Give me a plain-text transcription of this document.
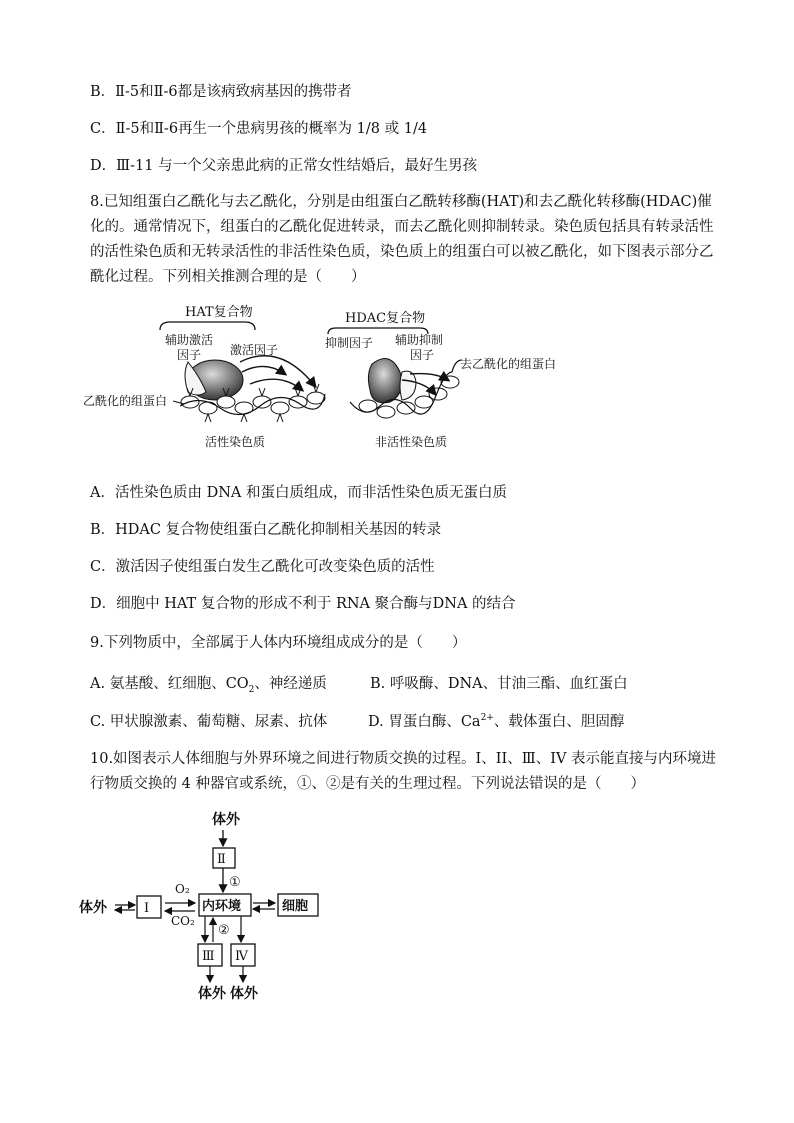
B．Ⅱ-5和Ⅱ-6都是该病致病基因的携带者
C．Ⅱ-5和Ⅱ-6再生一个患病男孩的概率为 1/8 或 1/4
D．Ⅲ-11 与一个父亲患此病的正常女性结婚后，最好生男孩
8.已知组蛋白乙酰化与去乙酰化，分别是由组蛋白乙酰转移酶(HAT)和去乙酰化转移酶(HDAC)催化的。通常情况下，组蛋白的乙酰化促进转录，而去乙酰化则抑制转录。染色质包括具有转录活性的活性染色质和无转录活性的非活性染色质，染色质上的组蛋白可以被乙酰化，如下图表示部分乙酰化过程。下列相关推测合理的是（　　）
HAT复合物
辅助激活
因子 激活因子
乙酰化的组蛋白
活性染色质
HDAC复合物
抑制因子 辅助抑制
因子
去乙酰化的组蛋白
非活性染色质
A．活性染色质由 DNA 和蛋白质组成，而非活性染色质无蛋白质
B．HDAC 复合物使组蛋白乙酰化抑制相关基因的转录
C．激活因子使组蛋白发生乙酰化可改变染色质的活性
D．细胞中 HAT 复合物的形成不利于 RNA 聚合酶与DNA 的结合
9.下列物质中，全部属于人体内环境组成成分的是（　　）
A. 氨基酸、红细胞、$CO_2$、神经递质	B. 呼吸酶、DNA、甘油三酯、血红蛋白
C. 甲状腺激素、葡萄糖、尿素、抗体	D. 胃蛋白酶、$Ca^{2+}$、载体蛋白、胆固醇
10.如图表示人体细胞与外界环境之间进行物质交换的过程。I、II、Ⅲ、IV 表示能直接与内环境进行物质交换的 4 种器官或系统，①、②是有关的生理过程。下列说法错误的是（　　）
体外
体外
体外 体外
Ⅱ
①
Ⅰ
O₂
CO₂
内环境	细胞
②
Ⅲ Ⅳ
